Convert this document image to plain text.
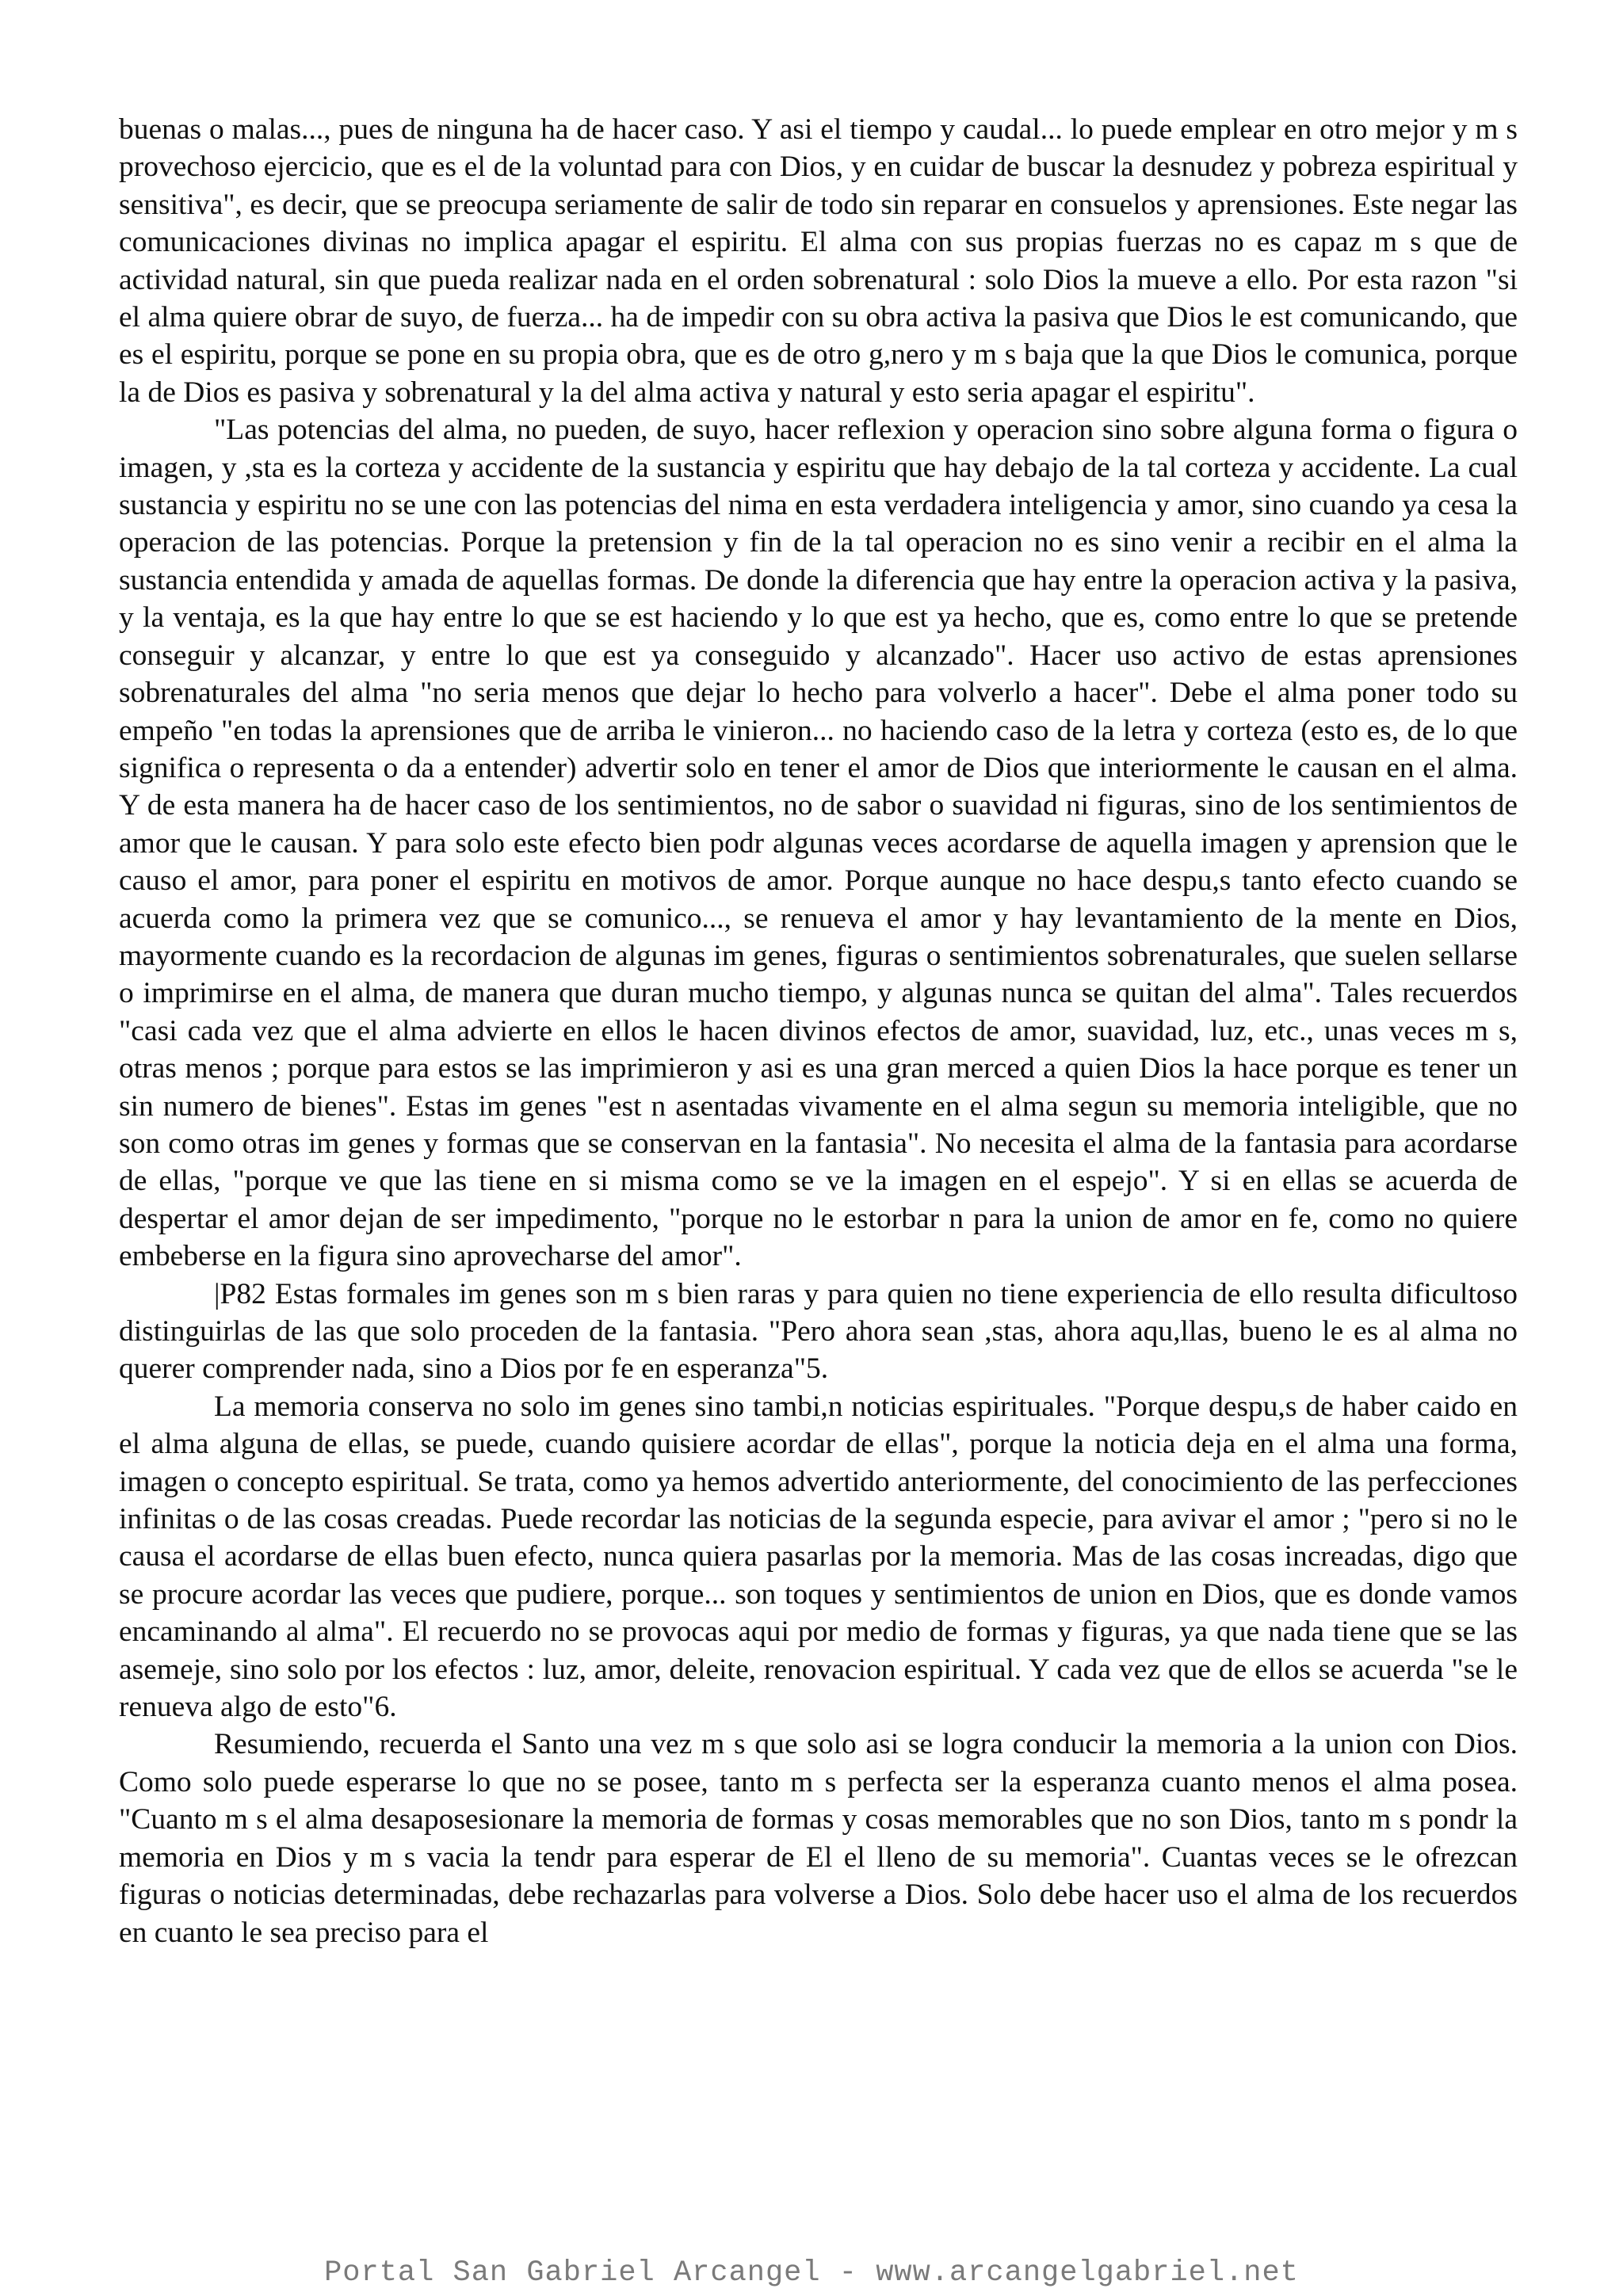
buenas o malas..., pues de ninguna ha de hacer caso. Y asi el tiempo y caudal... lo puede emplear en otro mejor y m s provechoso ejercicio, que es el de la voluntad para con Dios, y en cuidar de buscar la desnudez y pobreza espiritual y sensitiva", es decir, que se preocupa seriamente de salir de todo sin reparar en consuelos y aprensiones. Este negar las comunicaciones divinas no implica apagar el espiritu. El alma con sus propias fuerzas no es capaz m s que de actividad natural, sin que pueda realizar nada en el orden sobrenatural : solo Dios la mueve a ello. Por esta razon "si el alma quiere obrar de suyo, de fuerza... ha de impedir con su obra activa la pasiva que Dios le est comunicando, que es el espiritu, porque se pone en su propia obra, que es de otro g,nero y m s baja que la que Dios le comunica, porque la de Dios es pasiva y sobrenatural y la del alma activa y natural y esto seria apagar el espiritu".

"Las potencias del alma, no pueden, de suyo, hacer reflexion y operacion sino sobre alguna forma o figura o imagen, y ,sta es la corteza y accidente de la sustancia y espiritu que hay debajo de la tal corteza y accidente. La cual sustancia y espiritu no se une con las potencias del nima en esta verdadera inteligencia y amor, sino cuando ya cesa la operacion de las potencias. Porque la pretension y fin de la tal operacion no es sino venir a recibir en el alma la sustancia entendida y amada de aquellas formas. De donde la diferencia que hay entre la operacion activa y la pasiva, y la ventaja, es la que hay entre lo que se est haciendo y lo que est ya hecho, que es, como entre lo que se pretende conseguir y alcanzar, y entre lo que est ya conseguido y alcanzado". Hacer uso activo de estas aprensiones sobrenaturales del alma "no seria menos que dejar lo hecho para volverlo a hacer". Debe el alma poner todo su empeño "en todas la aprensiones que de arriba le vinieron... no haciendo caso de la letra y corteza (esto es, de lo que significa o representa o da a entender) advertir solo en tener el amor de Dios que interiormente le causan en el alma. Y de esta manera ha de hacer caso de los sentimientos, no de sabor o suavidad ni figuras, sino de los sentimientos de amor que le causan. Y para solo este efecto bien podr algunas veces acordarse de aquella imagen y aprension que le causo el amor, para poner el espiritu en motivos de amor. Porque aunque no hace despu,s tanto efecto cuando se acuerda como la primera vez que se comunico..., se renueva el amor y hay levantamiento de la mente en Dios, mayormente cuando es la recordacion de algunas im genes, figuras o sentimientos sobrenaturales, que suelen sellarse o imprimirse en el alma, de manera que duran mucho tiempo, y algunas nunca se quitan del alma". Tales recuerdos "casi cada vez que el alma advierte en ellos le hacen divinos efectos de amor, suavidad, luz, etc., unas veces m s, otras menos ; porque para estos se las imprimieron y asi es una gran merced a quien Dios la hace porque es tener un sin numero de bienes". Estas im genes "est n asentadas vivamente en el alma segun su memoria inteligible, que no son como otras im genes y formas que se conservan en la fantasia". No necesita el alma de la fantasia para acordarse de ellas, "porque ve que las tiene en si misma como se ve la imagen en el espejo". Y si en ellas se acuerda de despertar el amor dejan de ser impedimento, "porque no le estorbar n para la union de amor en fe, como no quiere embeberse en la figura sino aprovecharse del amor".

|P82 Estas formales im genes son m s bien raras y para quien no tiene experiencia de ello resulta dificultoso distinguirlas de las que solo proceden de la fantasia. "Pero ahora sean ,stas, ahora aqu,llas, bueno le es al alma no querer comprender nada, sino a Dios por fe en esperanza"5.

La memoria conserva no solo im genes sino tambi,n noticias espirituales. "Porque despu,s de haber caido en el alma alguna de ellas, se puede, cuando quisiere acordar de ellas", porque la noticia deja en el alma una forma, imagen o concepto espiritual. Se trata, como ya hemos advertido anteriormente, del conocimiento de las perfecciones infinitas o de las cosas creadas. Puede recordar las noticias de la segunda especie, para avivar el amor ; "pero si no le causa el acordarse de ellas buen efecto, nunca quiera pasarlas por la memoria. Mas de las cosas increadas, digo que se procure acordar las veces que pudiere, porque... son toques y sentimientos de union en Dios, que es donde vamos encaminando al alma". El recuerdo no se provocas aqui por medio de formas y figuras, ya que nada tiene que se las asemeje, sino solo por los efectos : luz, amor, deleite, renovacion espiritual. Y cada vez que de ellos se acuerda "se le renueva algo de esto"6.

Resumiendo, recuerda el Santo una vez m s que solo asi se logra conducir la memoria a la union con Dios. Como solo puede esperarse lo que no se posee, tanto m s perfecta ser la esperanza cuanto menos el alma posea. "Cuanto m s el alma desaposesionare la memoria de formas y cosas memorables que no son Dios, tanto m s pondr la memoria en Dios y m s vacia la tendr para esperar de El el lleno de su memoria". Cuantas veces se le ofrezcan figuras o noticias determinadas, debe rechazarlas para volverse a Dios. Solo debe hacer uso el alma de los recuerdos en cuanto le sea preciso para el

Portal San Gabriel Arcangel - www.arcangelgabriel.net
